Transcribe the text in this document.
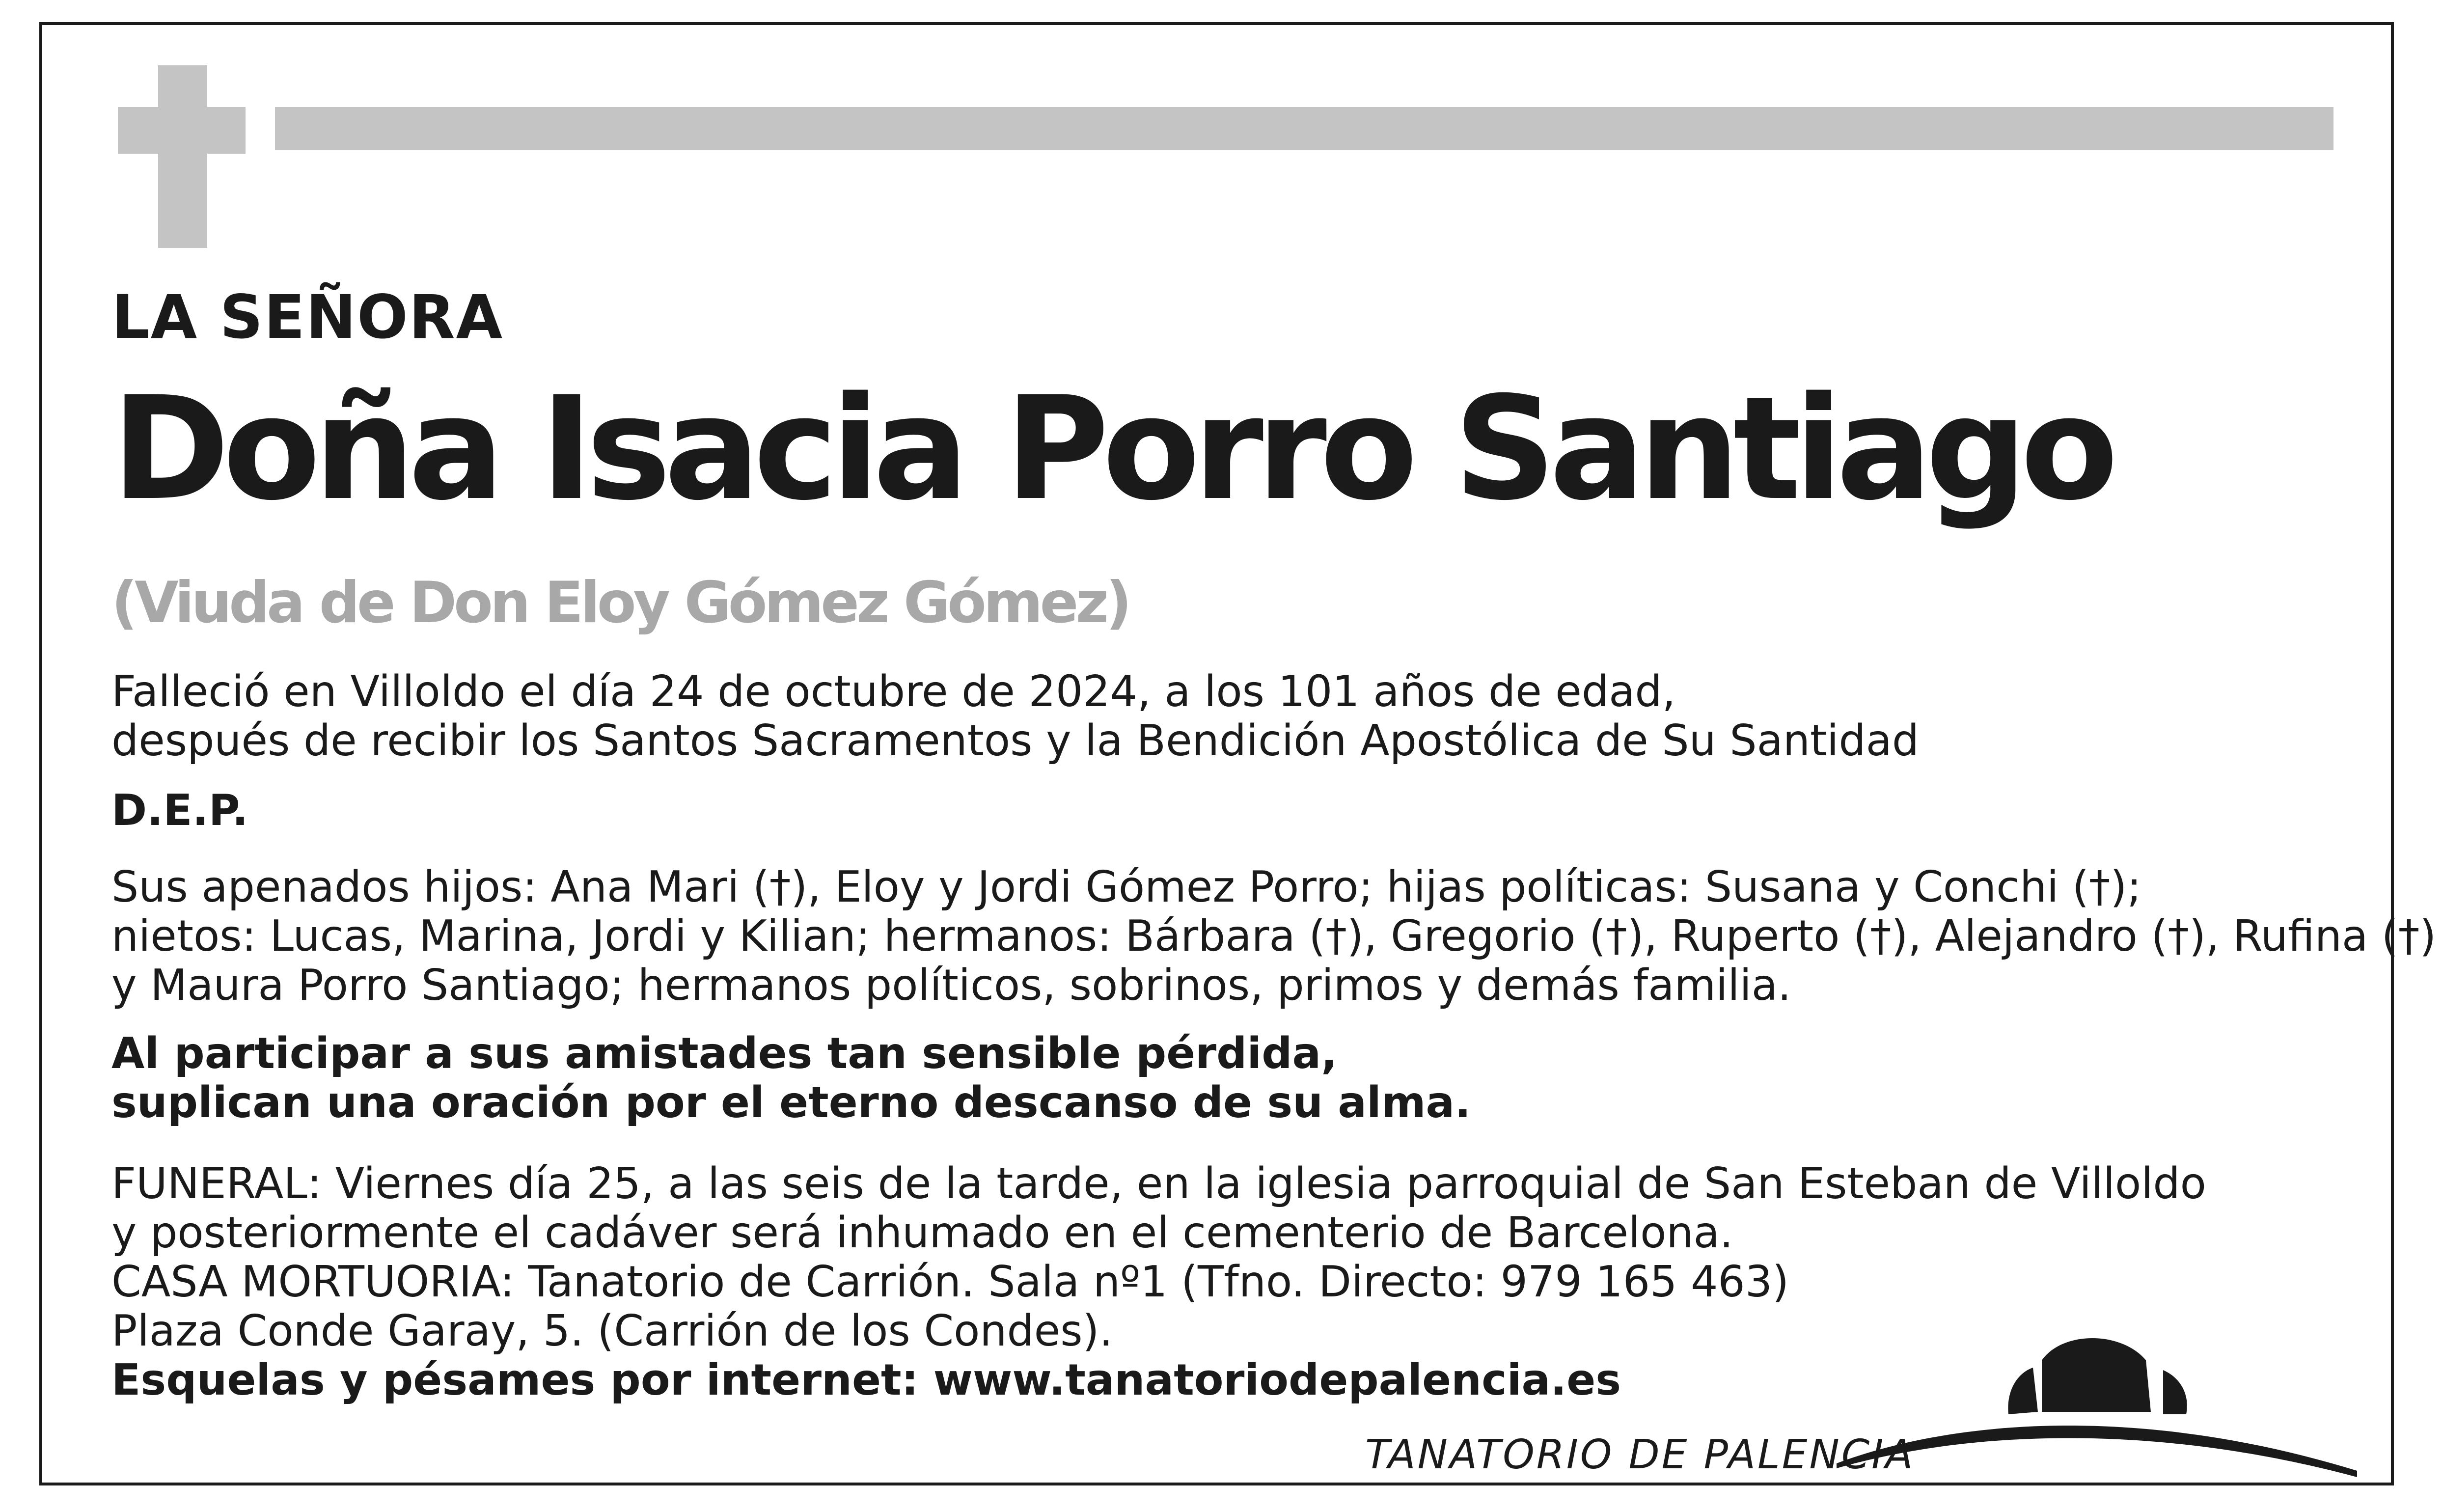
LA SEÑORA
Doña Isacia Porro Santiago
(Viuda de Don Eloy Gómez Gómez)
Falleció en Villoldo el día 24 de octubre de 2024, a los 101 años de edad,
después de recibir los Santos Sacramentos y la Bendición Apostólica de Su Santidad
D.E.P.
Sus apenados hijos: Ana Mari (†), Eloy y Jordi Gómez Porro; hijas políticas: Susana y Conchi (†);
nietos: Lucas, Marina, Jordi y Kilian; hermanos: Bárbara (†), Gregorio (†), Ruperto (†), Alejandro (†), Rufina (†)
y Maura Porro Santiago; hermanos políticos, sobrinos, primos y demás familia.
Al participar a sus amistades tan sensible pérdida,
suplican una oración por el eterno descanso de su alma.
FUNERAL: Viernes día 25, a las seis de la tarde, en la iglesia parroquial de San Esteban de Villoldo
y posteriormente el cadáver será inhumado en el cementerio de Barcelona.
CASA MORTUORIA: Tanatorio de Carrión. Sala nº1 (Tfno. Directo: 979 165 463)
Plaza Conde Garay, 5. (Carrión de los Condes).
Esquelas y pésames por internet: www.tanatoriodepalencia.es
TANATORIO DE PALENCIA
